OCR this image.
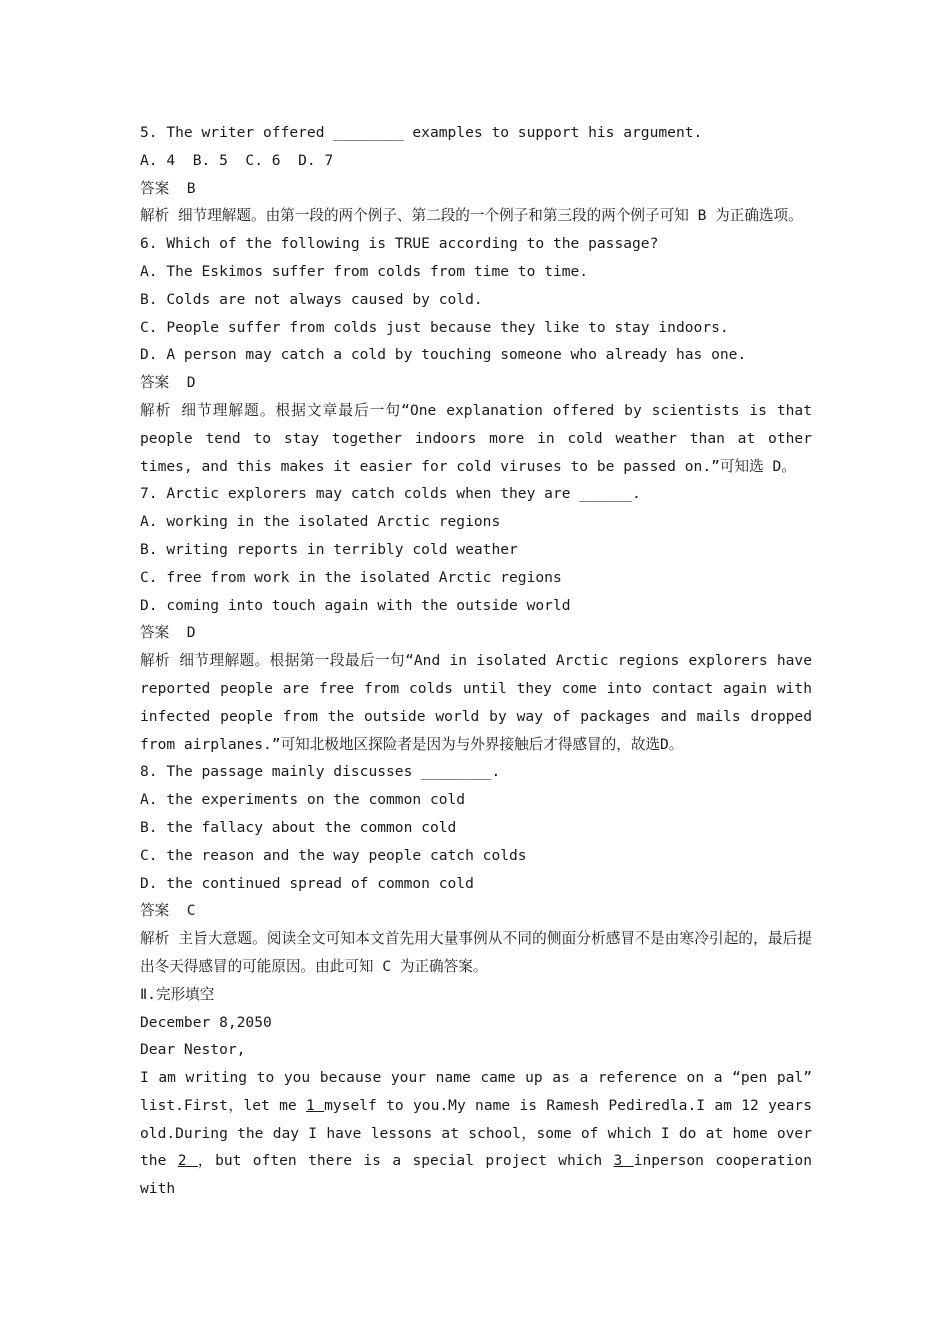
5. The writer offered ________ examples to support his argument.
A. 4  B. 5  C. 6  D. 7
答案 B
解析 细节理解题。由第一段的两个例子、第二段的一个例子和第三段的两个例子可知 B 为正确选项。
6. Which of the following is TRUE according to the passage?
A. The Eskimos suffer from colds from time to time.
B. Colds are not always caused by cold.
C. People suffer from colds just because they like to stay indoors.
D. A person may catch a cold by touching someone who already has one.
答案 D
解析 细节理解题。根据文章最后一句“One explanation offered by scientists is that people tend to stay together indoors more in cold weather than at other times, and this makes it easier for cold viruses to be passed on.”可知选 D。
7. Arctic explorers may catch colds when they are ______.
A. working in the isolated Arctic regions
B. writing reports in terribly cold weather
C. free from work in the isolated Arctic regions
D. coming into touch again with the outside world
答案 D
解析 细节理解题。根据第一段最后一句“And in isolated Arctic regions explorers have reported people are free from colds until they come into contact again with infected people from the outside world by way of packages and mails dropped from airplanes.”可知北极地区探险者是因为与外界接触后才得感冒的，故选D。
8. The passage mainly discusses ________.
A. the experiments on the common cold
B. the fallacy about the common cold
C. the reason and the way people catch colds
D. the continued spread of common cold
答案 C
解析 主旨大意题。阅读全文可知本文首先用大量事例从不同的侧面分析感冒不是由寒冷引起的，最后提出冬天得感冒的可能原因。由此可知 C 为正确答案。
Ⅱ.完形填空
December 8,2050
Dear Nestor,
I am writing to you because your name came up as a reference on a “pen pal” list.First，let me 1 myself to you.My name is Ramesh Pediredla.I am 12 years old.During the day I have lessons at school，some of which I do at home over the 2 ，but often there is a special project which 3 inperson cooperation with
